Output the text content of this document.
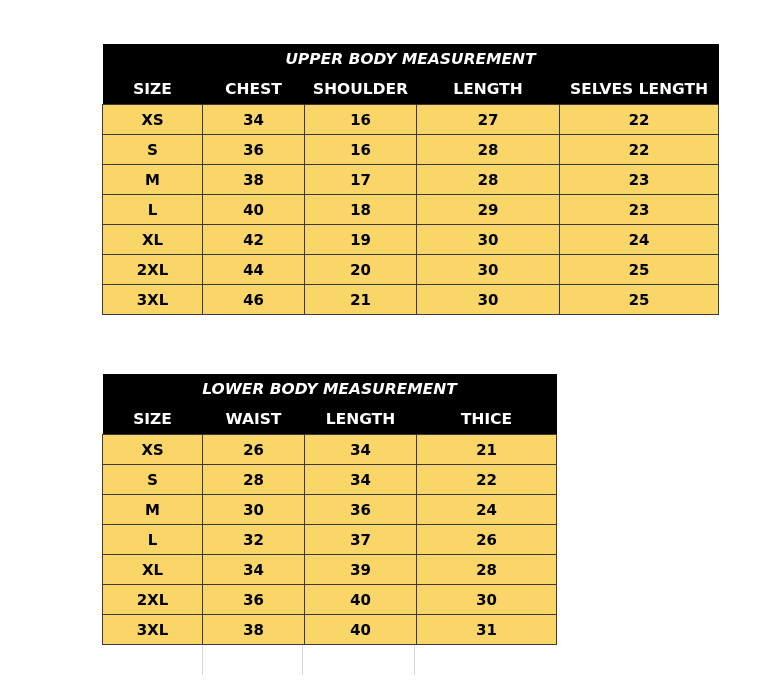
UPPER BODY MEASUREMENT				
SIZE	CHEST	SHOULDER	LENGTH	SELVES LENGTH
XS	34	16	27	22
S	36	16	28	22
M	38	17	28	23
L	40	18	29	23
XL	42	19	30	24
2XL	44	20	30	25
3XL	46	21	30	25
LOWER BODY MEASUREMENT			
SIZE	WAIST	LENGTH	THICE
XS	26	34	21
S	28	34	22
M	30	36	24
L	32	37	26
XL	34	39	28
2XL	36	40	30
3XL	38	40	31
